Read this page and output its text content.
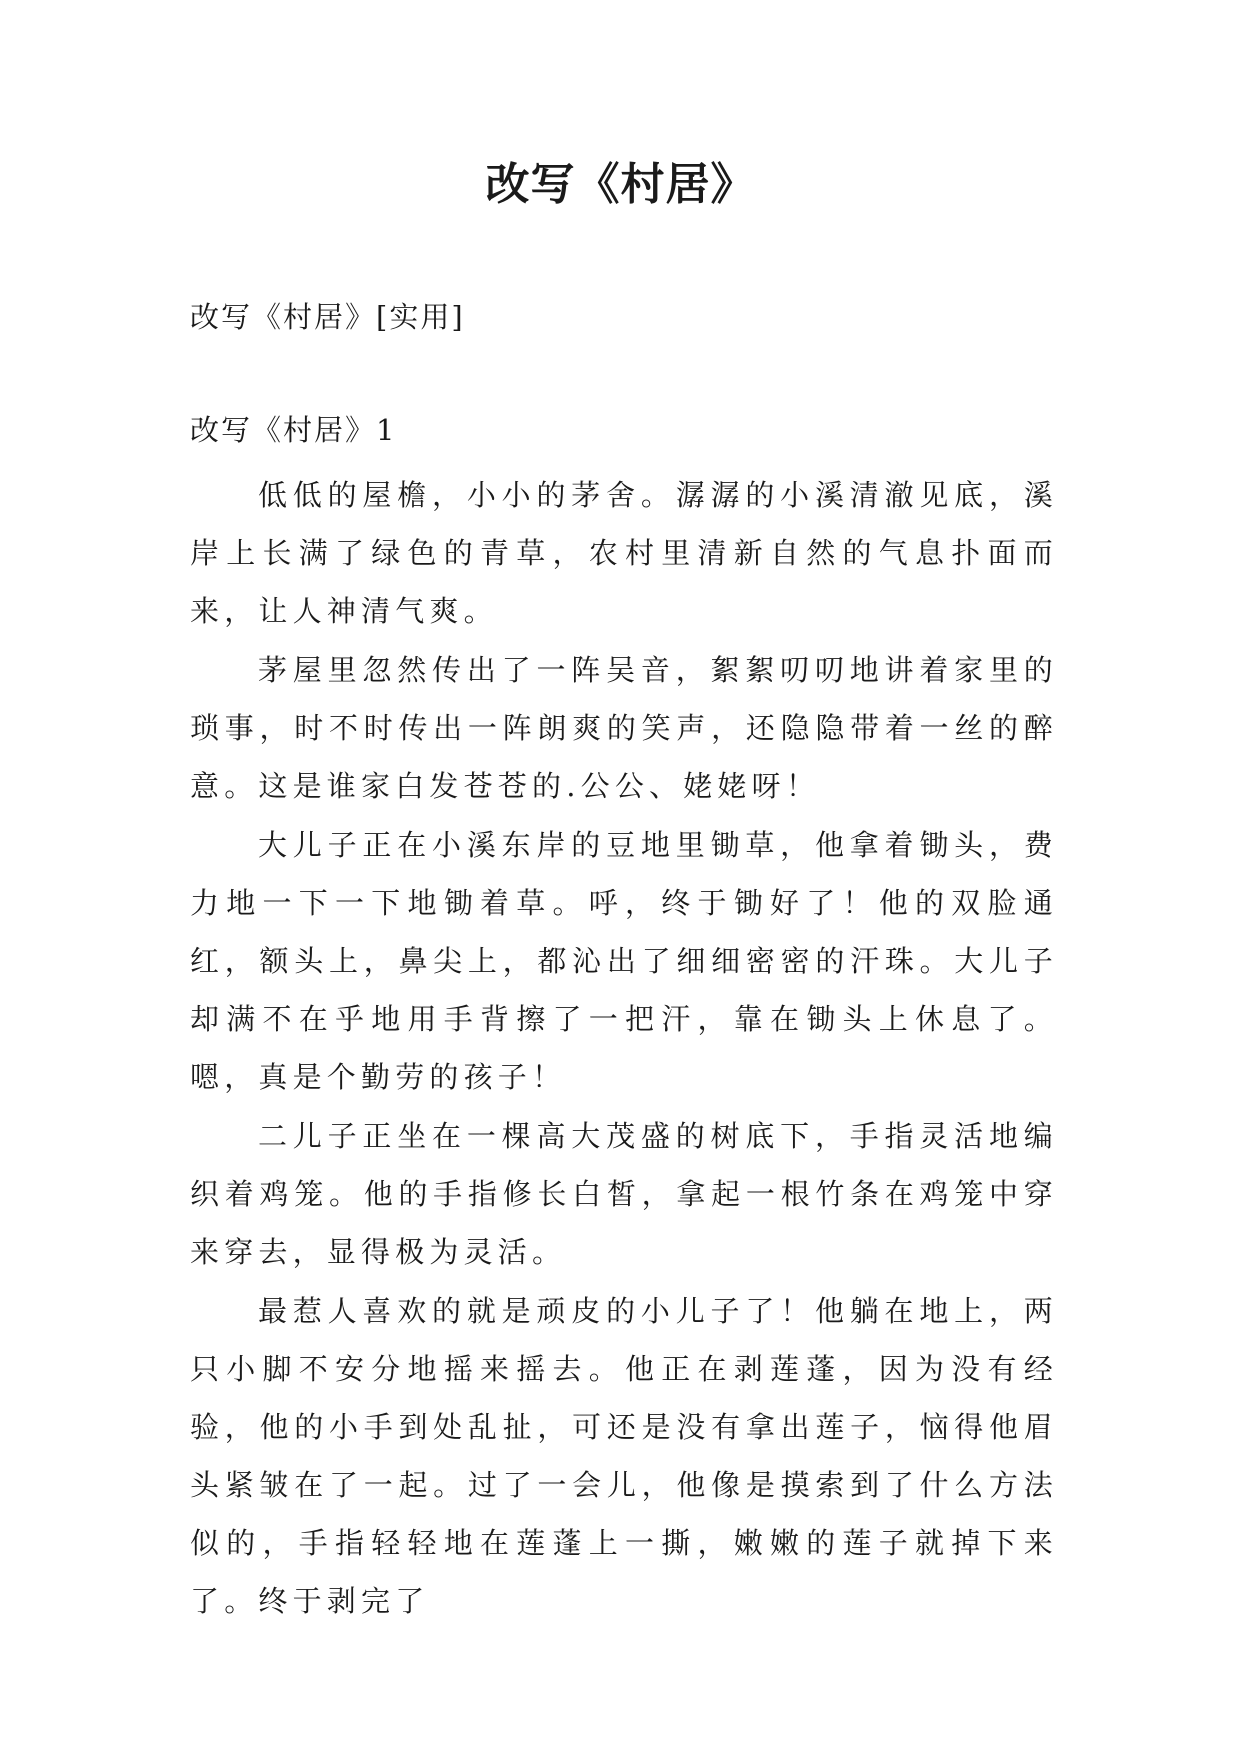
改写《村居》

改写《村居》[实用]

改写《村居》1

低低的屋檐，小小的茅舍。潺潺的小溪清澈见底，溪岸上长满了绿色的青草，农村里清新自然的气息扑面而来，让人神清气爽。

茅屋里忽然传出了一阵吴音，絮絮叨叨地讲着家里的琐事，时不时传出一阵朗爽的笑声，还隐隐带着一丝的醉意。这是谁家白发苍苍的.公公、姥姥呀！

大儿子正在小溪东岸的豆地里锄草，他拿着锄头，费力地一下一下地锄着草。呼，终于锄好了！他的双脸通红，额头上，鼻尖上，都沁出了细细密密的汗珠。大儿子却满不在乎地用手背擦了一把汗，靠在锄头上休息了。嗯，真是个勤劳的孩子！

二儿子正坐在一棵高大茂盛的树底下，手指灵活地编织着鸡笼。他的手指修长白皙，拿起一根竹条在鸡笼中穿来穿去，显得极为灵活。

最惹人喜欢的就是顽皮的小儿子了！他躺在地上，两只小脚不安分地摇来摇去。他正在剥莲蓬，因为没有经验，他的小手到处乱扯，可还是没有拿出莲子，恼得他眉头紧皱在了一起。过了一会儿，他像是摸索到了什么方法似的，手指轻轻地在莲蓬上一撕，嫩嫩的莲子就掉下来了。终于剥完了
